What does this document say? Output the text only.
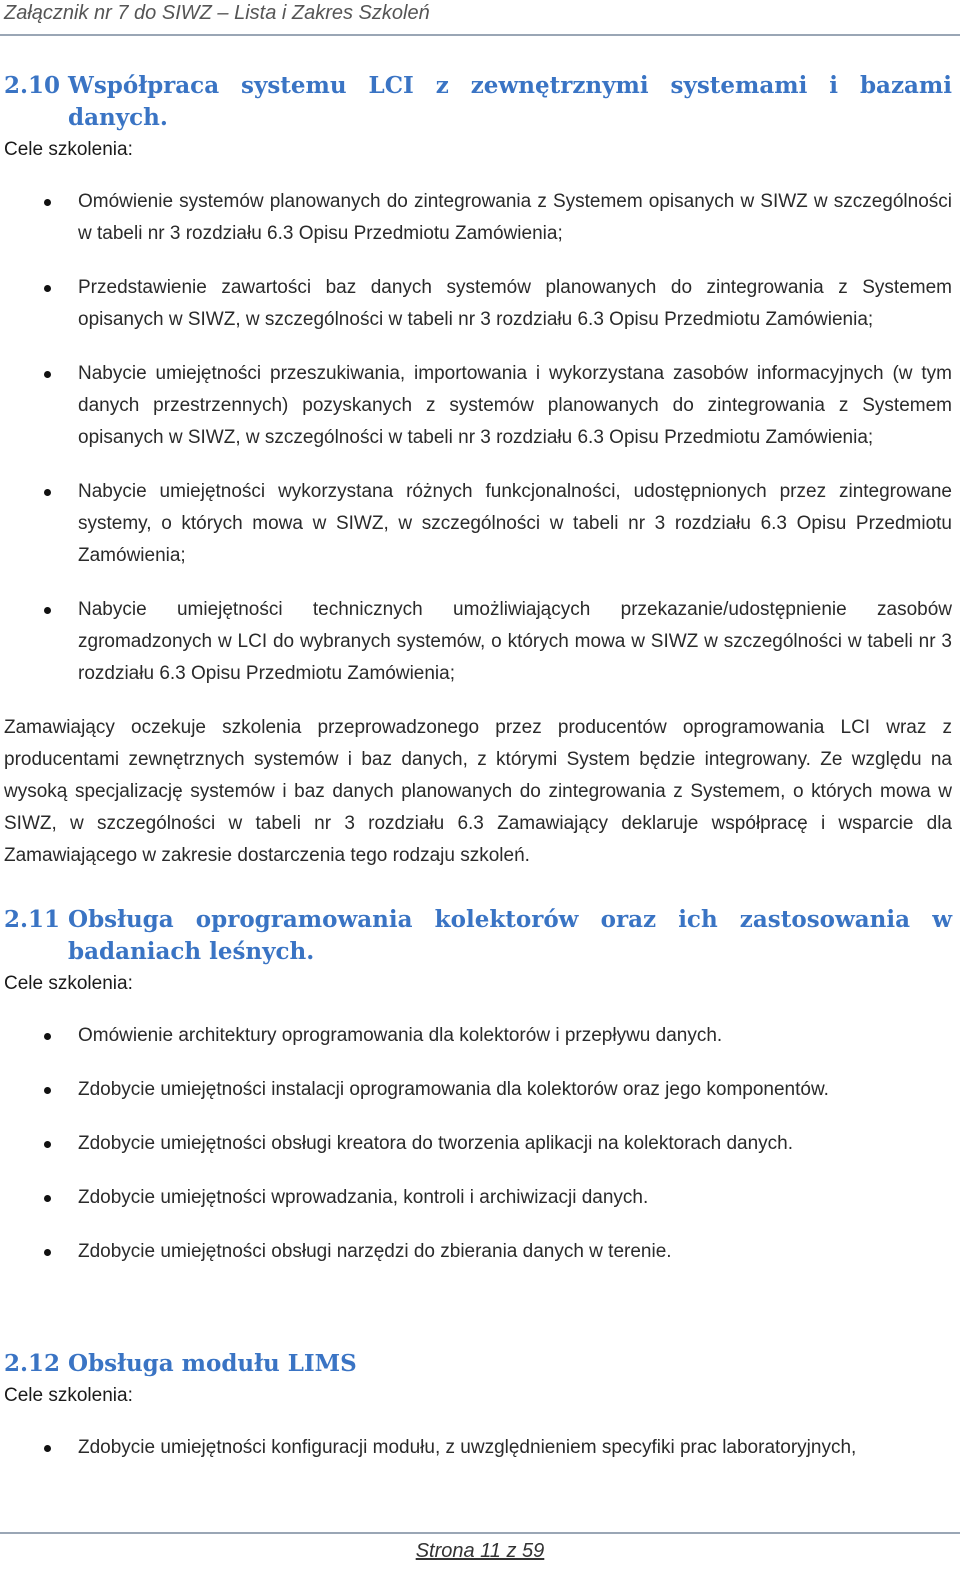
Załącznik nr 7 do SIWZ – Lista i Zakres Szkoleń
2.10 Współpraca systemu LCI z zewnętrznymi systemami i bazami danych.

Cele szkolenia:

Omówienie systemów planowanych do zintegrowania z Systemem opisanych w SIWZ w szczególności w tabeli nr 3 rozdziału 6.3 Opisu Przedmiotu Zamówienia;
Przedstawienie zawartości baz danych systemów planowanych do zintegrowania z Systemem opisanych w SIWZ, w szczególności w tabeli nr 3 rozdziału 6.3 Opisu Przedmiotu Zamówienia;
Nabycie umiejętności przeszukiwania, importowania i wykorzystana zasobów informacyjnych (w tym danych przestrzennych) pozyskanych z systemów planowanych do zintegrowania z Systemem opisanych w SIWZ, w szczególności w tabeli nr 3 rozdziału 6.3 Opisu Przedmiotu Zamówienia;
Nabycie umiejętności wykorzystana różnych funkcjonalności, udostępnionych przez zintegrowane systemy, o których mowa w SIWZ, w szczególności w tabeli nr 3 rozdziału 6.3 Opisu Przedmiotu Zamówienia;
Nabycie umiejętności technicznych umożliwiających przekazanie/udostępnienie zasobów zgromadzonych w LCI do wybranych systemów, o których mowa w SIWZ w szczególności w tabeli nr 3 rozdziału 6.3 Opisu Przedmiotu Zamówienia;

Zamawiający oczekuje szkolenia przeprowadzonego przez producentów oprogramowania LCI wraz z producentami zewnętrznych systemów i baz danych, z którymi System będzie integrowany. Ze względu na wysoką specjalizację systemów i baz danych planowanych do zintegrowania z Systemem, o których mowa w SIWZ, w szczególności w tabeli nr 3 rozdziału 6.3 Zamawiający deklaruje współpracę i wsparcie dla Zamawiającego w zakresie dostarczenia tego rodzaju szkoleń.

2.11 Obsługa oprogramowania kolektorów oraz ich zastosowania w badaniach leśnych.

Cele szkolenia:

Omówienie architektury oprogramowania dla kolektorów i przepływu danych.
Zdobycie umiejętności instalacji oprogramowania dla kolektorów oraz jego komponentów.
Zdobycie umiejętności obsługi kreatora do tworzenia aplikacji na kolektorach danych.
Zdobycie umiejętności wprowadzania, kontroli i archiwizacji danych.
Zdobycie umiejętności obsługi narzędzi do zbierania danych w terenie.
2.12 Obsługa modułu LIMS

Cele szkolenia:

Zdobycie umiejętności konfiguracji modułu, z uwzględnieniem specyfiki prac laboratoryjnych,
Strona 11 z 59
